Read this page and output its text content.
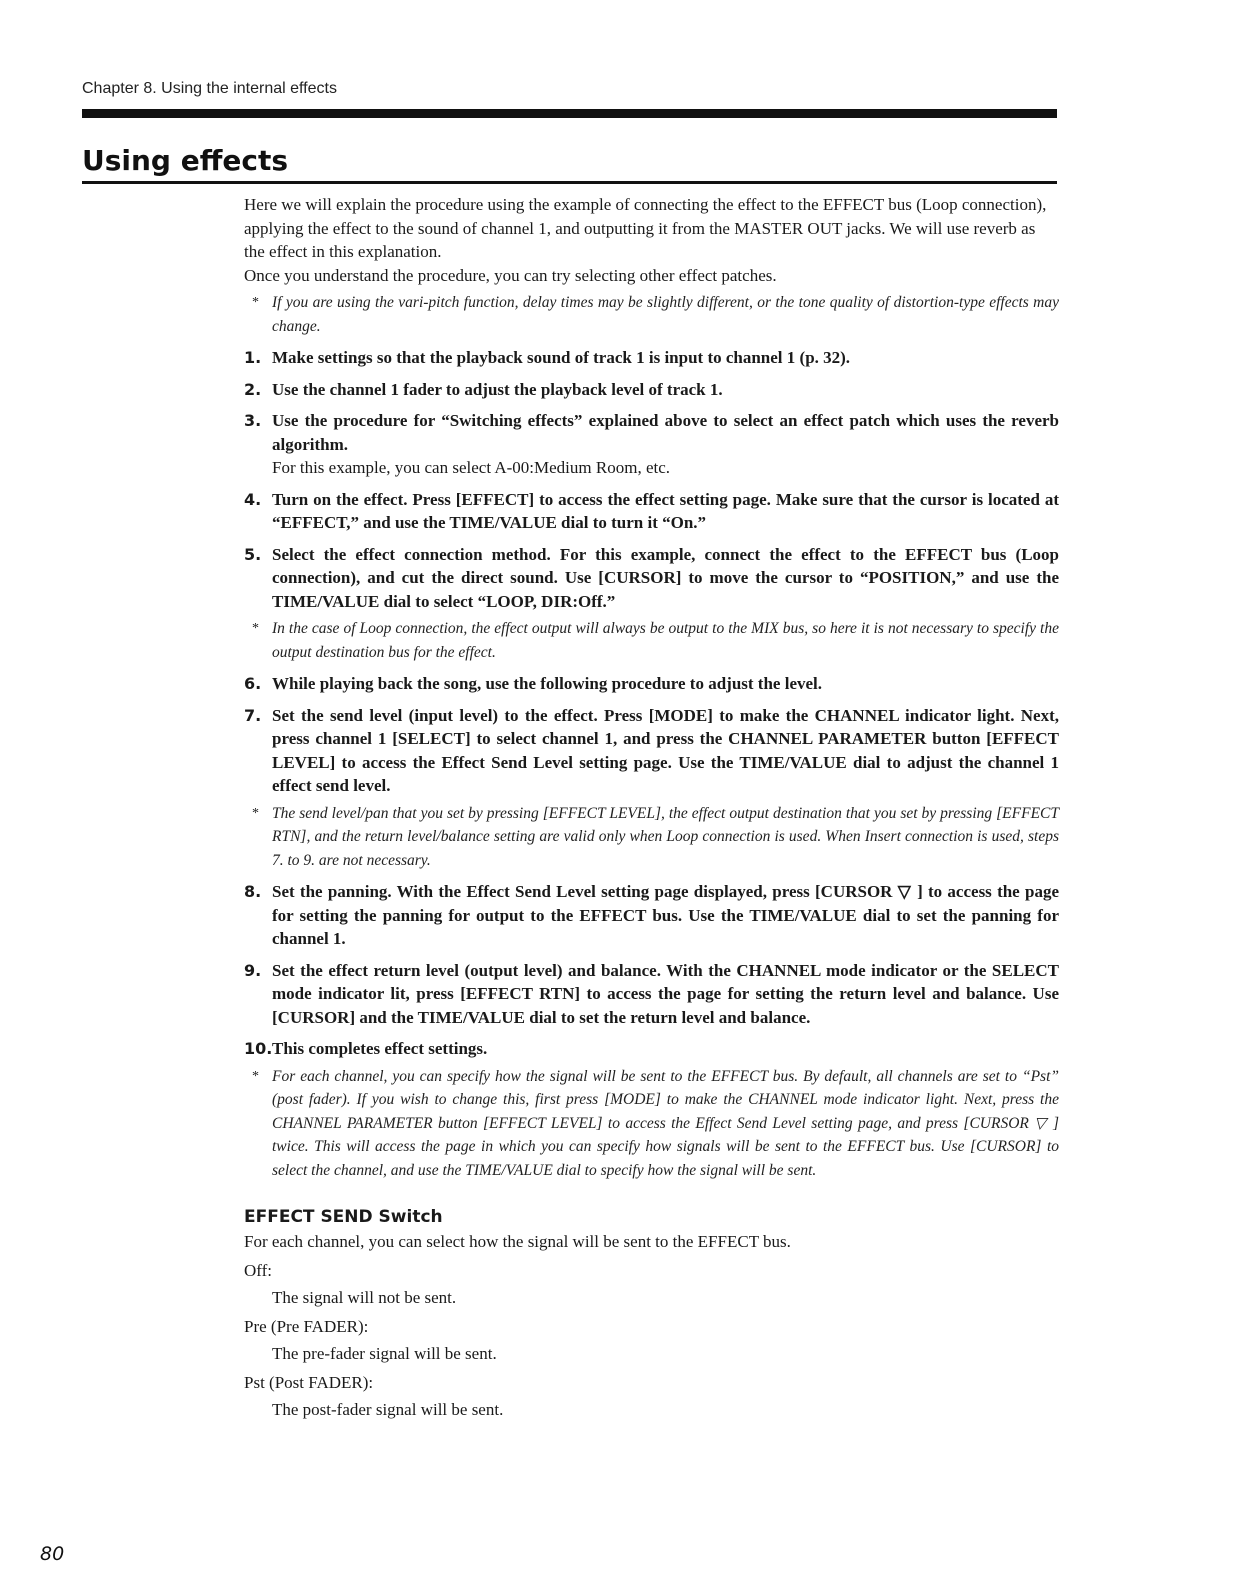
Chapter 8. Using the internal effects
Using effects

Here we will explain the procedure using the example of connecting the effect to the EFFECT bus (Loop connection), applying the effect to the sound of channel 1, and outputting it from the MASTER OUT jacks. We will use reverb as the effect in this explanation.

Once you understand the procedure, you can try selecting other effect patches.

* If you are using the vari-pitch function, delay times may be slightly different, or the tone quality of distortion-type effects may change.
1. Make settings so that the playback sound of track 1 is input to channel 1 (p. 32).
2. Use the channel 1 fader to adjust the playback level of track 1.
3. Use the procedure for “Switching effects” explained above to select an effect patch which uses the reverb algorithm.
For this example, you can select A-00:Medium Room, etc.
4. Turn on the effect. Press [EFFECT] to access the effect setting page. Make sure that the cursor is located at “EFFECT,” and use the TIME/VALUE dial to turn it “On.”
5. Select the effect connection method. For this example, connect the effect to the EFFECT bus (Loop connection), and cut the direct sound. Use [CURSOR] to move the cursor to “POSITION,” and use the TIME/VALUE dial to select “LOOP, DIR:Off.”
* In the case of Loop connection, the effect output will always be output to the MIX bus, so here it is not necessary to specify the output destination bus for the effect.
6. While playing back the song, use the following procedure to adjust the level.
7. Set the send level (input level) to the effect. Press [MODE] to make the CHANNEL indicator light. Next, press channel 1 [SELECT] to select channel 1, and press the CHANNEL PARAMETER button [EFFECT LEVEL] to access the Effect Send Level setting page. Use the TIME/VALUE dial to adjust the channel 1 effect send level.
* The send level/pan that you set by pressing [EFFECT LEVEL], the effect output destination that you set by pressing [EFFECT RTN], and the return level/balance setting are valid only when Loop connection is used. When Insert connection is used, steps 7. to 9. are not necessary.
8. Set the panning. With the Effect Send Level setting page displayed, press [CURSOR ▽ ] to access the page for setting the panning for output to the EFFECT bus. Use the TIME/VALUE dial to set the panning for channel 1.
9. Set the effect return level (output level) and balance. With the CHANNEL mode indicator or the SELECT mode indicator lit, press [EFFECT RTN] to access the page for setting the return level and balance. Use [CURSOR] and the TIME/VALUE dial to set the return level and balance.
10. This completes effect settings.
* For each channel, you can specify how the signal will be sent to the EFFECT bus. By default, all channels are set to “Pst” (post fader). If you wish to change this, first press [MODE] to make the CHANNEL mode indicator light. Next, press the CHANNEL PARAMETER button [EFFECT LEVEL] to access the Effect Send Level setting page, and press [CURSOR ▽ ] twice. This will access the page in which you can specify how signals will be sent to the EFFECT bus. Use [CURSOR] to select the channel, and use the TIME/VALUE dial to specify how the signal will be sent.
EFFECT SEND Switch

For each channel, you can select how the signal will be sent to the EFFECT bus.

Off:

The signal will not be sent.

Pre (Pre FADER):

The pre-fader signal will be sent.

Pst (Post FADER):

The post-fader signal will be sent.

80
